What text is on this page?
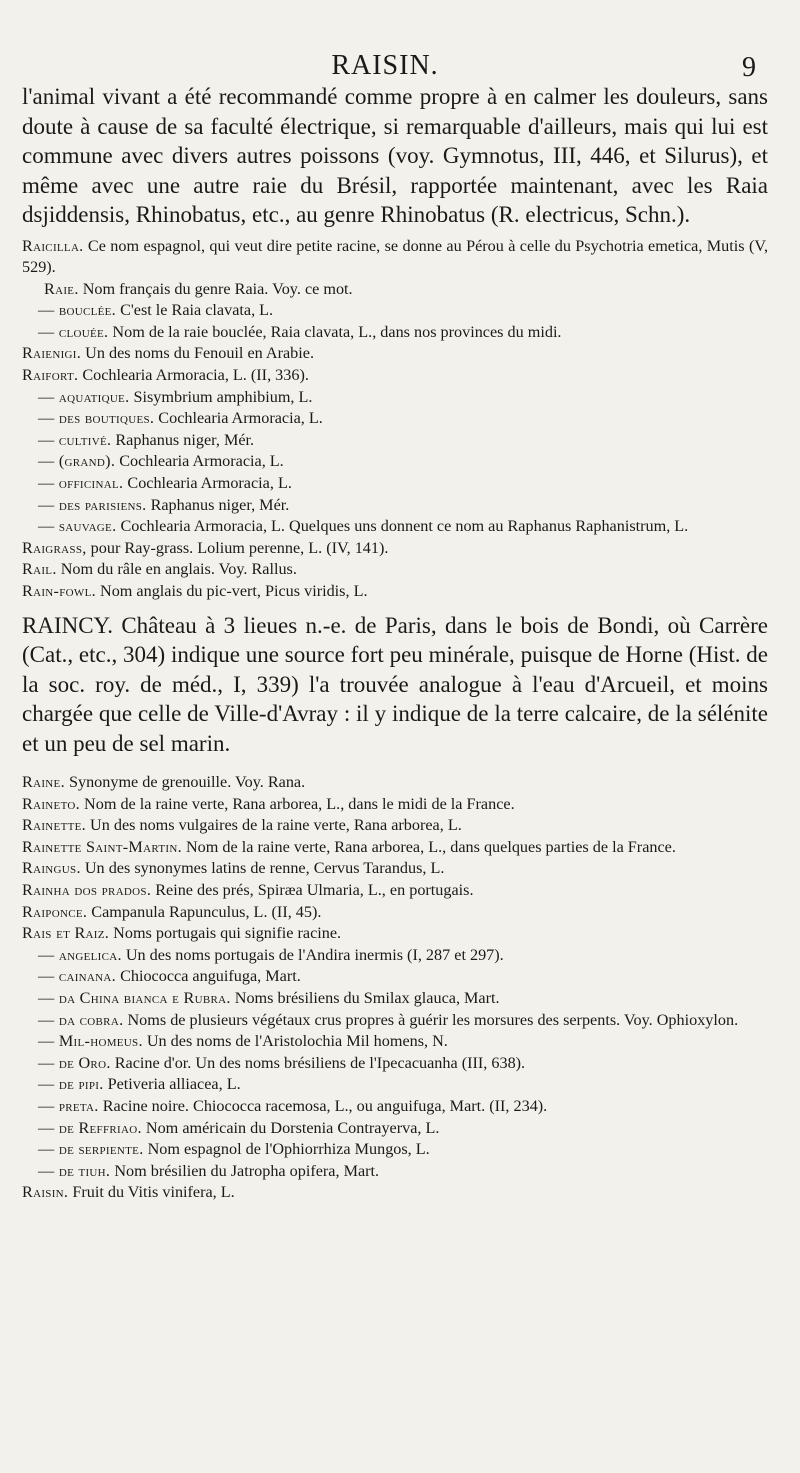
RAISIN.	9

l'animal vivant a été recommandé comme propre à en calmer les douleurs, sans doute à cause de sa faculté électrique, si remarquable d'ailleurs, mais qui lui est commune avec divers autres poissons (voy. Gymnotus, III, 446, et Silurus), et même avec une autre raie du Brésil, rapportée maintenant, avec les Raia dsjiddensis, Rhinobatus, etc., au genre Rhinobatus (R. electricus, Schn.).

Raicilla. Ce nom espagnol, qui veut dire petite racine, se donne au Pérou à celle du Psychotria emetica, Mutis (V, 529).

Raie. Nom français du genre Raia. Voy. ce mot.

— bouclée. C'est le Raia clavata, L.

— clouée. Nom de la raie bouclée, Raia clavata, L., dans nos provinces du midi.

Raienigi. Un des noms du Fenouil en Arabie.

Raifort. Cochlearia Armoracia, L. (II, 336).

— aquatique. Sisymbrium amphibium, L.

— des boutiques. Cochlearia Armoracia, L.

— cultivé. Raphanus niger, Mér.

— (grand). Cochlearia Armoracia, L.

— officinal. Cochlearia Armoracia, L.

— des parisiens. Raphanus niger, Mér.

— sauvage. Cochlearia Armoracia, L. Quelques uns donnent ce nom au Raphanus Raphanistrum, L.

Raigrass, pour Ray-grass. Lolium perenne, L. (IV, 141).

Rail. Nom du râle en anglais. Voy. Rallus.

Rain-fowl. Nom anglais du pic-vert, Picus viridis, L.

RAINCY. Château à 3 lieues n.-e. de Paris, dans le bois de Bondi, où Carrère (Cat., etc., 304) indique une source fort peu minérale, puisque de Horne (Hist. de la soc. roy. de méd., I, 339) l'a trouvée analogue à l'eau d'Arcueil, et moins chargée que celle de Ville-d'Avray : il y indique de la terre calcaire, de la sélénite et un peu de sel marin.

Raine. Synonyme de grenouille. Voy. Rana.

Raineto. Nom de la raine verte, Rana arborea, L., dans le midi de la France.

Rainette. Un des noms vulgaires de la raine verte, Rana arborea, L.

Rainette Saint-Martin. Nom de la raine verte, Rana arborea, L., dans quelques parties de la France.

Raingus. Un des synonymes latins de renne, Cervus Tarandus, L.

Rainha dos prados. Reine des prés, Spiræa Ulmaria, L., en portugais.

Raiponce. Campanula Rapunculus, L. (II, 45).

Rais et Raiz. Noms portugais qui signifie racine.

— angelica. Un des noms portugais de l'Andira inermis (I, 287 et 297).

— cainana. Chiococca anguifuga, Mart.

— da China bianca e Rubra. Noms brésiliens du Smilax glauca, Mart.

— da cobra. Noms de plusieurs végétaux crus propres à guérir les morsures des serpents. Voy. Ophioxylon.

— Mil-homeus. Un des noms de l'Aristolochia Mil homens, N.

— de Oro. Racine d'or. Un des noms brésiliens de l'Ipecacuanha (III, 638).

— de pipi. Petiveria alliacea, L.

— preta. Racine noire. Chiococca racemosa, L., ou anguifuga, Mart. (II, 234).

— de Reffriao. Nom américain du Dorstenia Contrayerva, L.

— de serpiente. Nom espagnol de l'Ophiorrhiza Mungos, L.

— de tiuh. Nom brésilien du Jatropha opifera, Mart.

Raisin. Fruit du Vitis vinifera, L.
